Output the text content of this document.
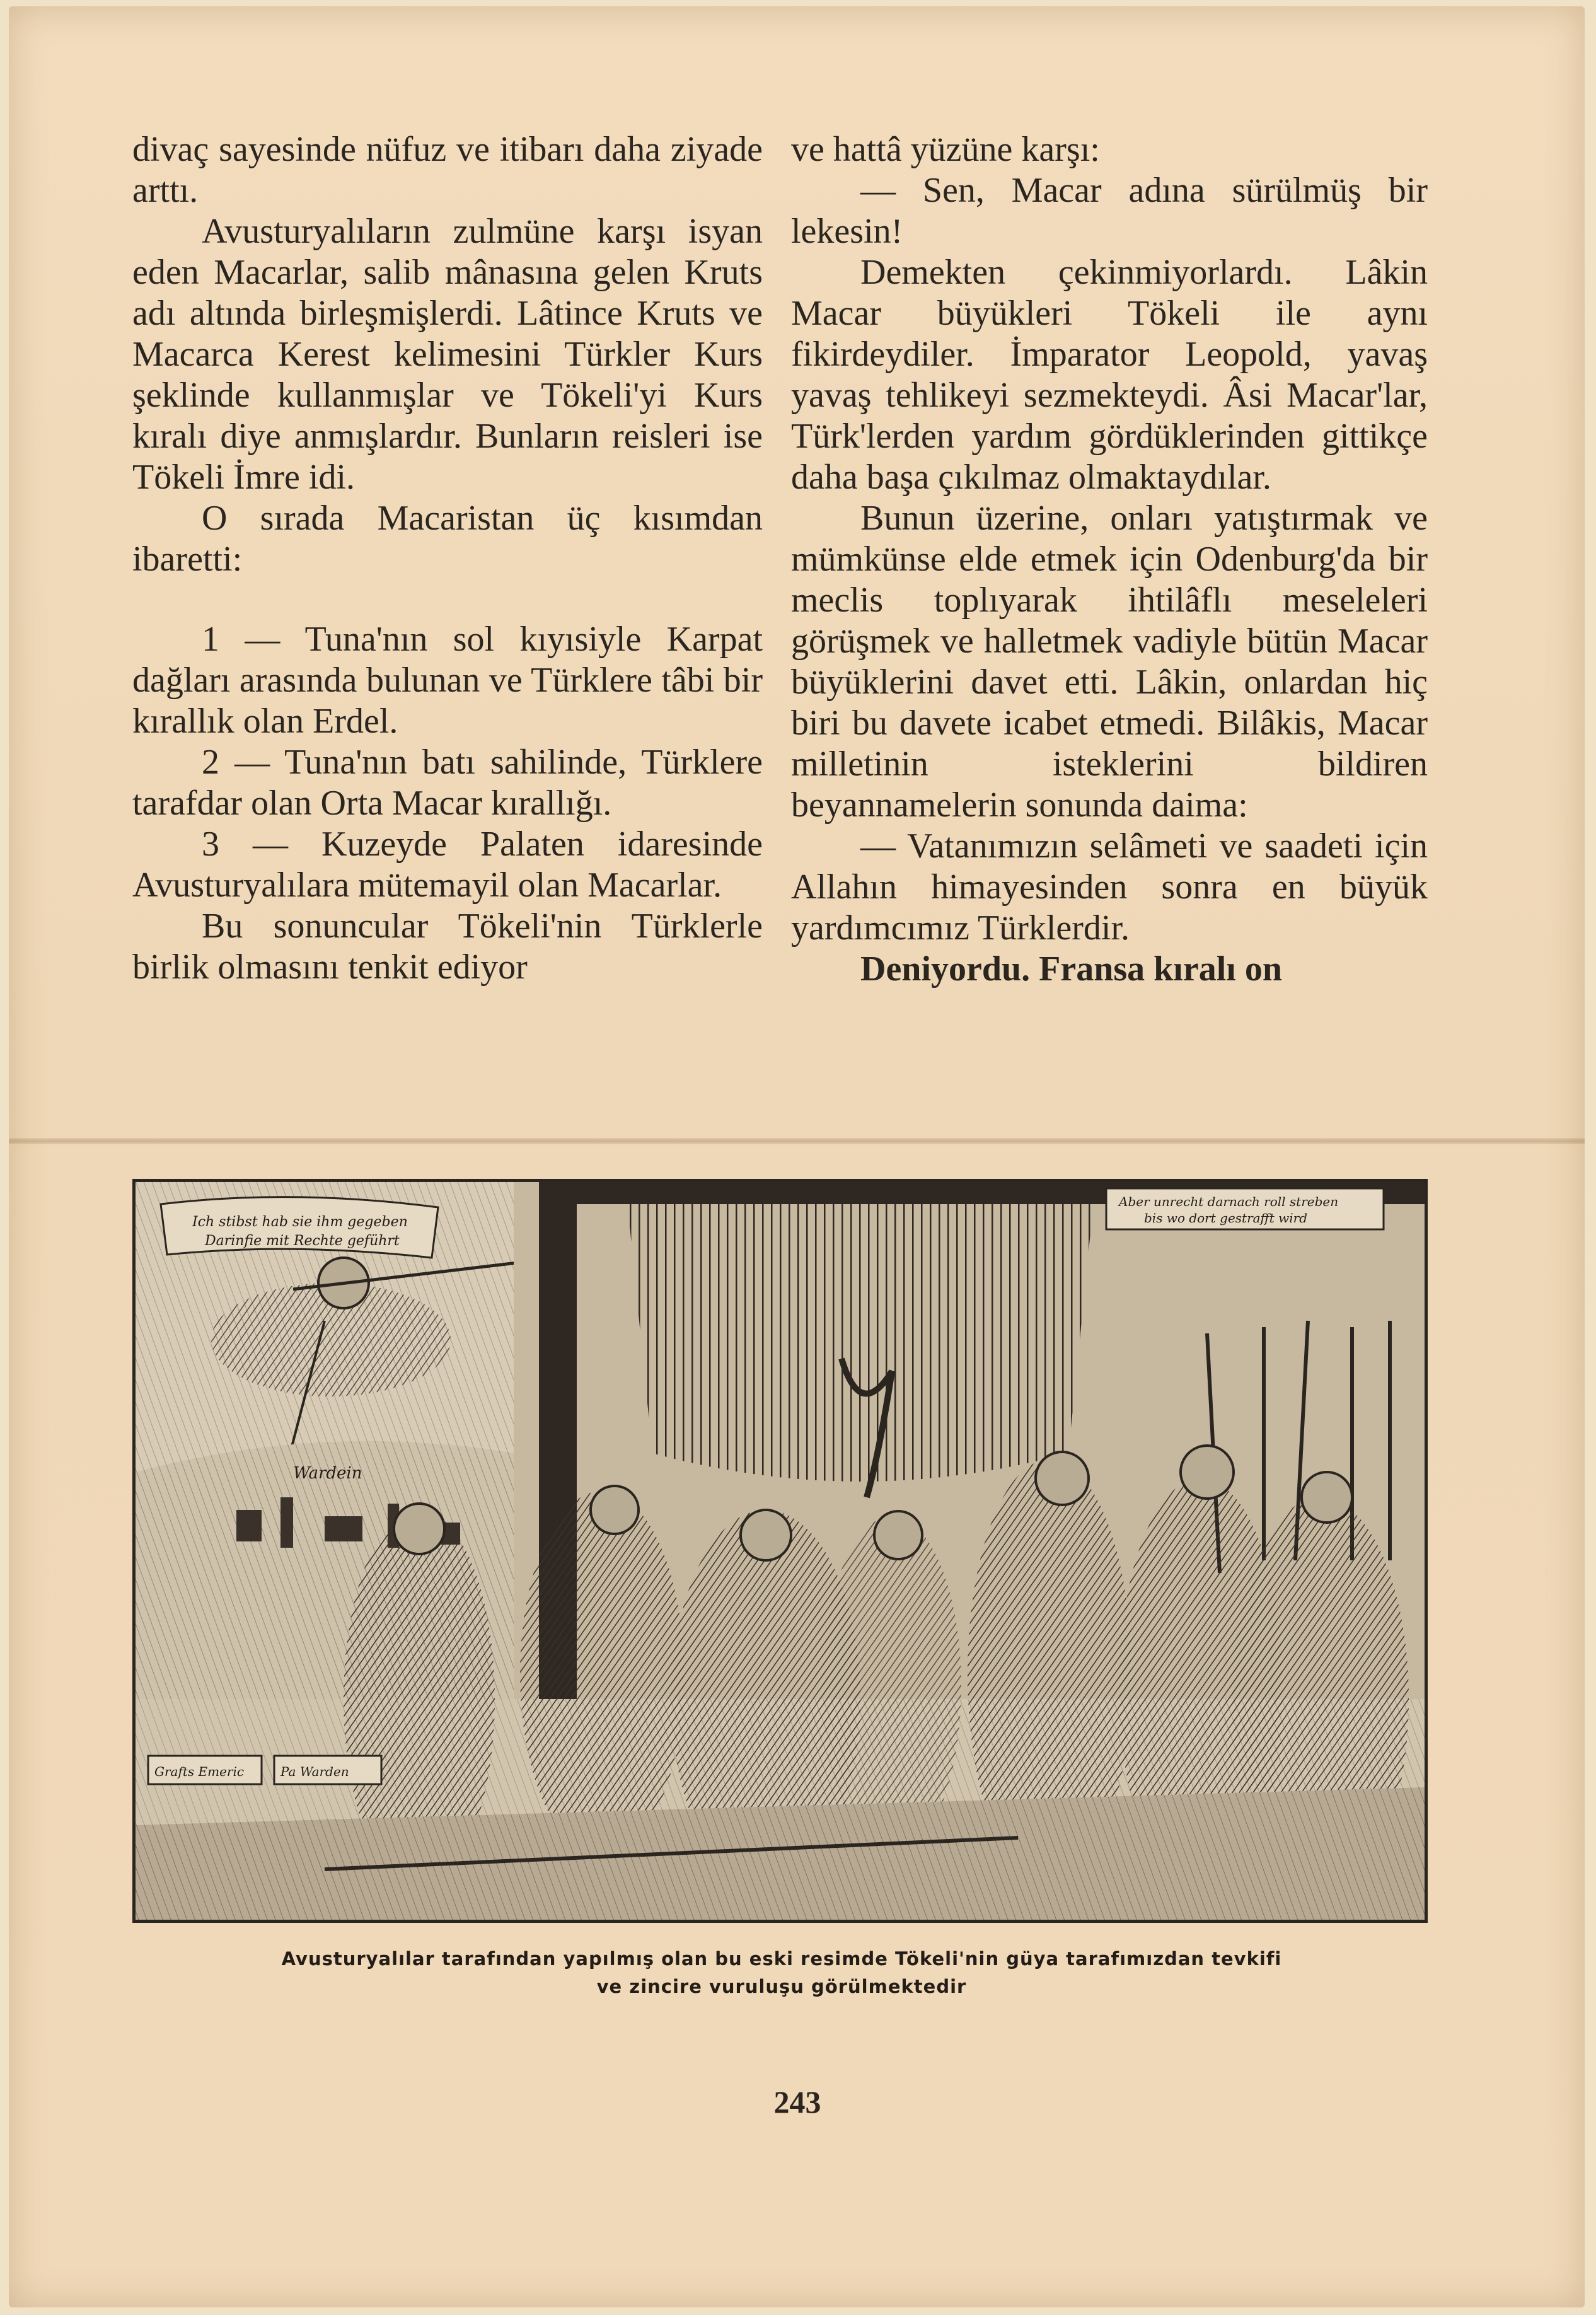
divaç sayesinde nüfuz ve itibarı daha ziyade arttı.

Avusturyalıların zulmüne karşı isyan eden Macarlar, salib mânasına gelen Kruts adı altında birleşmişlerdi. Lâtince Kruts ve Macarca Kerest kelimesini Türkler Kurs şeklinde kullanmışlar ve Tökeli'yi Kurs kıralı diye anmışlardır. Bunların reisleri ise Tökeli İmre idi.

O sırada Macaristan üç kısımdan ibaretti:

1 — Tuna'nın sol kıyısiyle Karpat dağları arasında bulunan ve Türklere tâbi bir kırallık olan Erdel.

2 — Tuna'nın batı sahilinde, Türklere tarafdar olan Orta Macar kırallığı.

3 — Kuzeyde Palaten idaresinde Avusturyalılara mütemayil olan Macarlar.

Bu sonuncular Tökeli'nin Türklerle birlik olmasını tenkit ediyor

ve hattâ yüzüne karşı:

— Sen, Macar adına sürülmüş bir lekesin!

Demekten çekinmiyorlardı. Lâkin Macar büyükleri Tökeli ile aynı fikirdeydiler. İmparator Leopold, yavaş yavaş tehlikeyi sezmekteydi. Âsi Macar'lar, Türk'lerden yardım gördüklerinden gittikçe daha başa çıkılmaz olmaktaydılar.

Bunun üzerine, onları yatıştırmak ve mümkünse elde etmek için Odenburg'da bir meclis toplıyarak ihtilâflı meseleleri görüşmek ve halletmek vadiyle bütün Macar büyüklerini davet etti. Lâkin, onlardan hiç biri bu davete icabet etmedi. Bilâkis, Macar milletinin isteklerini bildiren beyannamelerin sonunda daima:

— Vatanımızın selâmeti ve saadeti için Allahın himayesinden sonra en büyük yardımcımız Türklerdir.

Deniyordu. Fransa kıralı on

Ich stibst hab sie ihm gegeben
Darinfie mit Rechte geführt
Wardein
Aber unrecht darnach roll streben
bis wo dort gestrafft wird
Grafts Emeric	Pa Warden
Avusturyalılar tarafından yapılmış olan bu eski resimde Tökeli'nin güya tarafımızdan tevkifi
ve zincire vuruluşu görülmektedir
243
